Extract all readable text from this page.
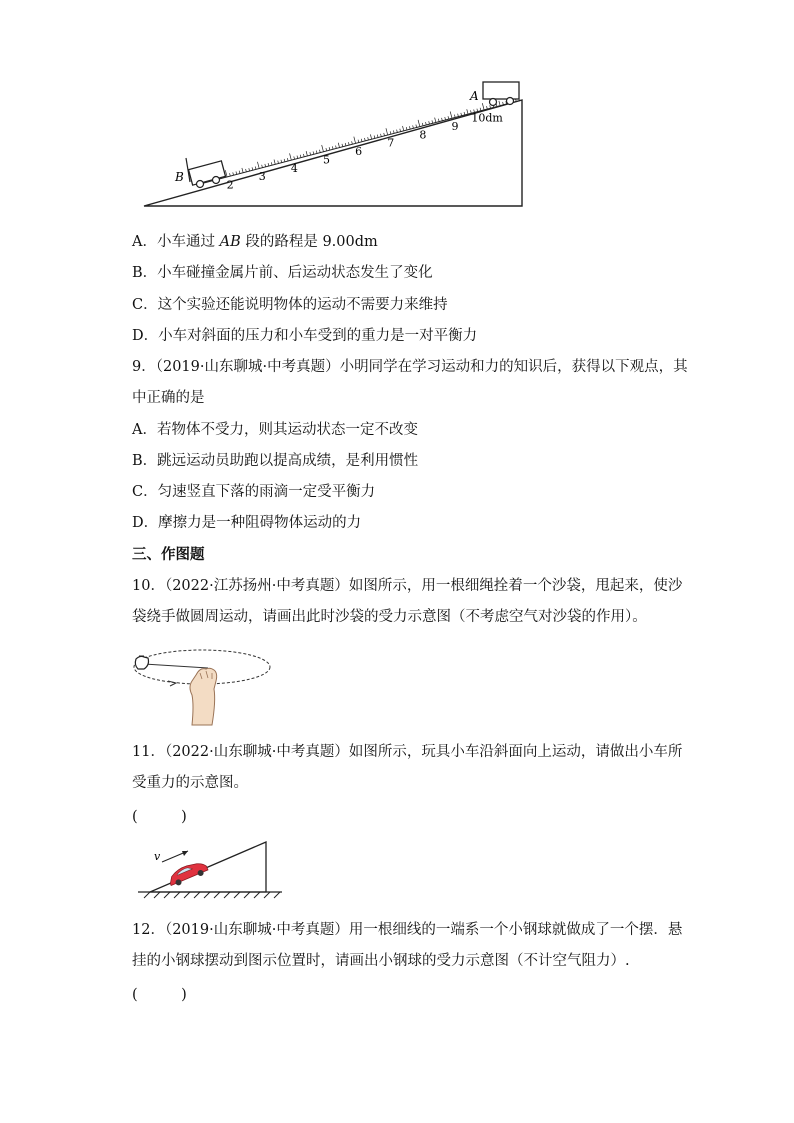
2
3
4
5
6
7
8
9
10dm
A
B
A．小车通过 AB 段的路程是 9.00dm
B．小车碰撞金属片前、后运动状态发生了变化
C．这个实验还能说明物体的运动不需要力来维持
D．小车对斜面的压力和小车受到的重力是一对平衡力
9．（2019·山东聊城·中考真题）小明同学在学习运动和力的知识后，获得以下观点，其
中正确的是
A．若物体不受力，则其运动状态一定不改变
B．跳远运动员助跑以提高成绩，是利用惯性
C．匀速竖直下落的雨滴一定受平衡力
D．摩擦力是一种阻碍物体运动的力
三、作图题
10．（2022·江苏扬州·中考真题）如图所示，用一根细绳拴着一个沙袋，甩起来，使沙
袋绕手做圆周运动，请画出此时沙袋的受力示意图（不考虑空气对沙袋的作用）。
11．（2022·山东聊城·中考真题）如图所示，玩具小车沿斜面向上运动，请做出小车所
受重力的示意图。
(　　　)
v
12．（2019·山东聊城·中考真题）用一根细线的一端系一个小钢球就做成了一个摆．悬
挂的小钢球摆动到图示位置时，请画出小钢球的受力示意图（不计空气阻力）.
(　　　)
